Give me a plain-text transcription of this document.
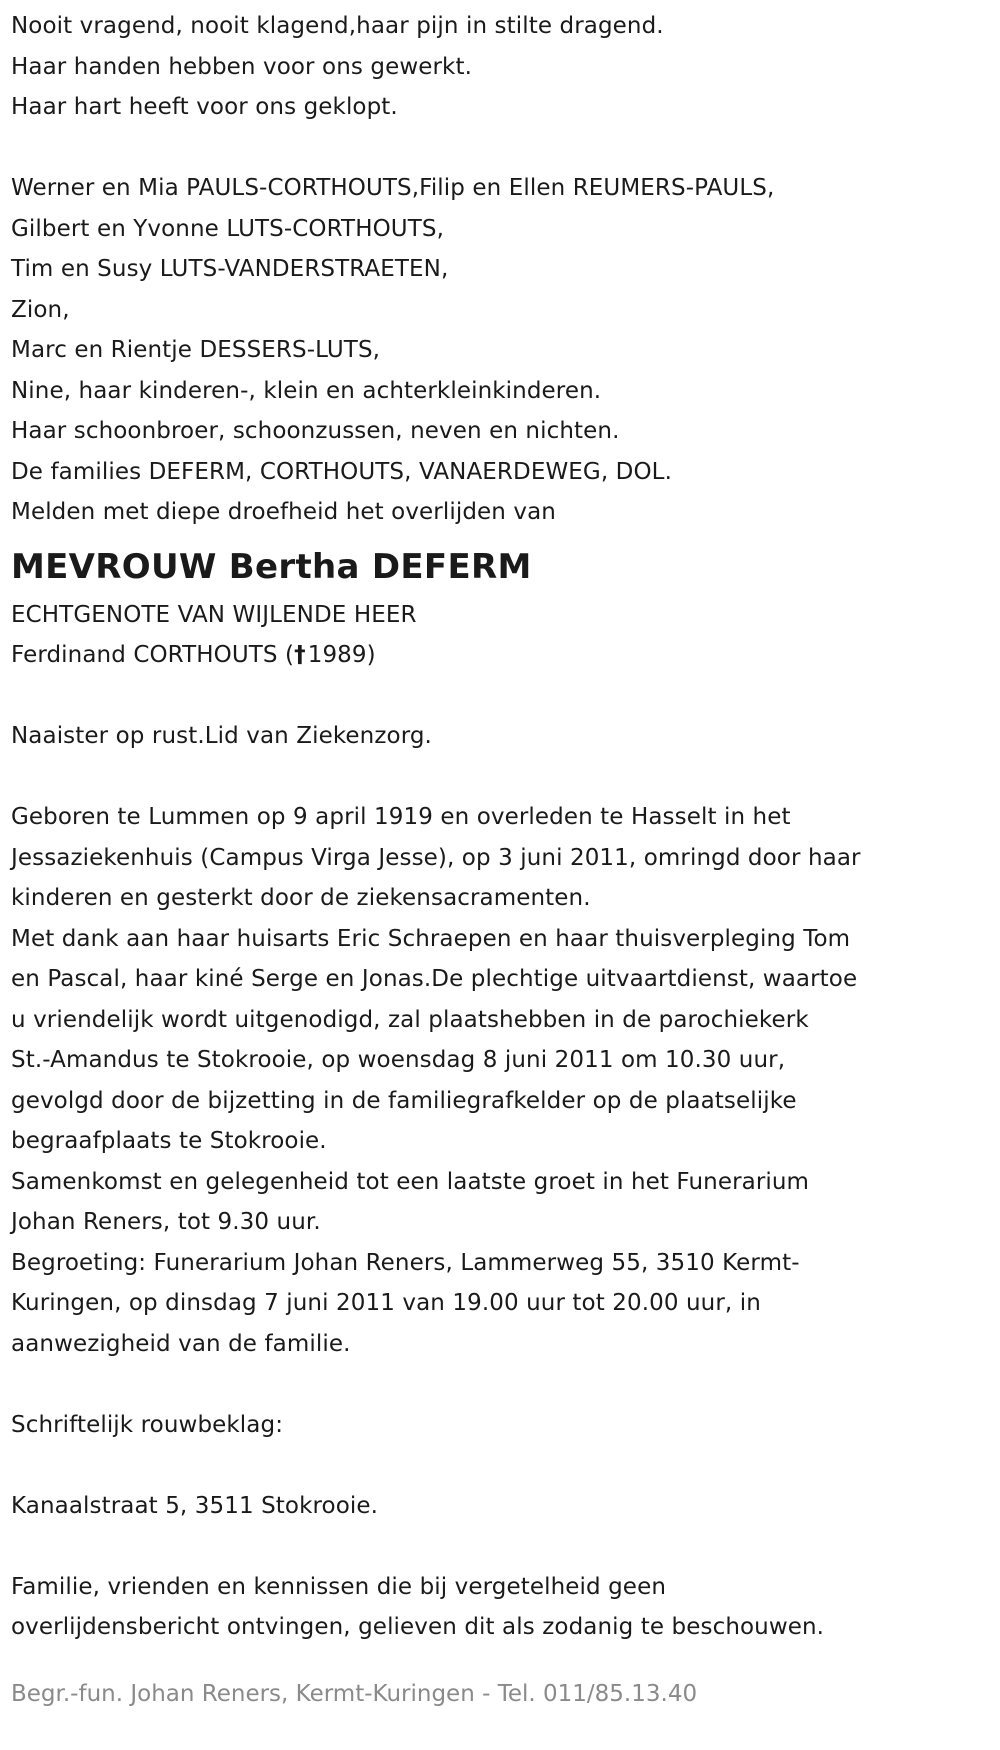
Nooit vragend, nooit klagend,haar pijn in stilte dragend.

Haar handen hebben voor ons gewerkt.

Haar hart heeft voor ons geklopt.

Werner en Mia PAULS-CORTHOUTS,Filip en Ellen REUMERS-PAULS,

Gilbert en Yvonne LUTS-CORTHOUTS,

Tim en Susy LUTS-VANDERSTRAETEN,

Zion,

Marc en Rientje DESSERS-LUTS,

Nine, haar kinderen-, klein en achterkleinkinderen.

Haar schoonbroer, schoonzussen, neven en nichten.

De families DEFERM, CORTHOUTS, VANAERDEWEG, DOL.

Melden met diepe droefheid het overlijden van

MEVROUW Bertha DEFERM

ECHTGENOTE VAN WIJLENDE HEER

Ferdinand CORTHOUTS (†1989)

Naaister op rust.Lid van Ziekenzorg.

Geboren te Lummen op 9 april 1919 en overleden te Hasselt in het

Jessaziekenhuis (Campus Virga Jesse), op 3 juni 2011, omringd door haar

kinderen en gesterkt door de ziekensacramenten.

Met dank aan haar huisarts Eric Schraepen en haar thuisverpleging Tom

en Pascal, haar kiné Serge en Jonas.De plechtige uitvaartdienst, waartoe

u vriendelijk wordt uitgenodigd, zal plaatshebben in de parochiekerk

St.-Amandus te Stokrooie, op woensdag 8 juni 2011 om 10.30 uur,

gevolgd door de bijzetting in de familiegrafkelder op de plaatselijke

begraafplaats te Stokrooie.

Samenkomst en gelegenheid tot een laatste groet in het Funerarium

Johan Reners, tot 9.30 uur.

Begroeting: Funerarium Johan Reners, Lammerweg 55, 3510 Kermt-

Kuringen, op dinsdag 7 juni 2011 van 19.00 uur tot 20.00 uur, in

aanwezigheid van de familie.

Schriftelijk rouwbeklag:

Kanaalstraat 5, 3511 Stokrooie.

Familie, vrienden en kennissen die bij vergetelheid geen

overlijdensbericht ontvingen, gelieven dit als zodanig te beschouwen.

Begr.-fun. Johan Reners, Kermt-Kuringen - Tel. 011/85.13.40
